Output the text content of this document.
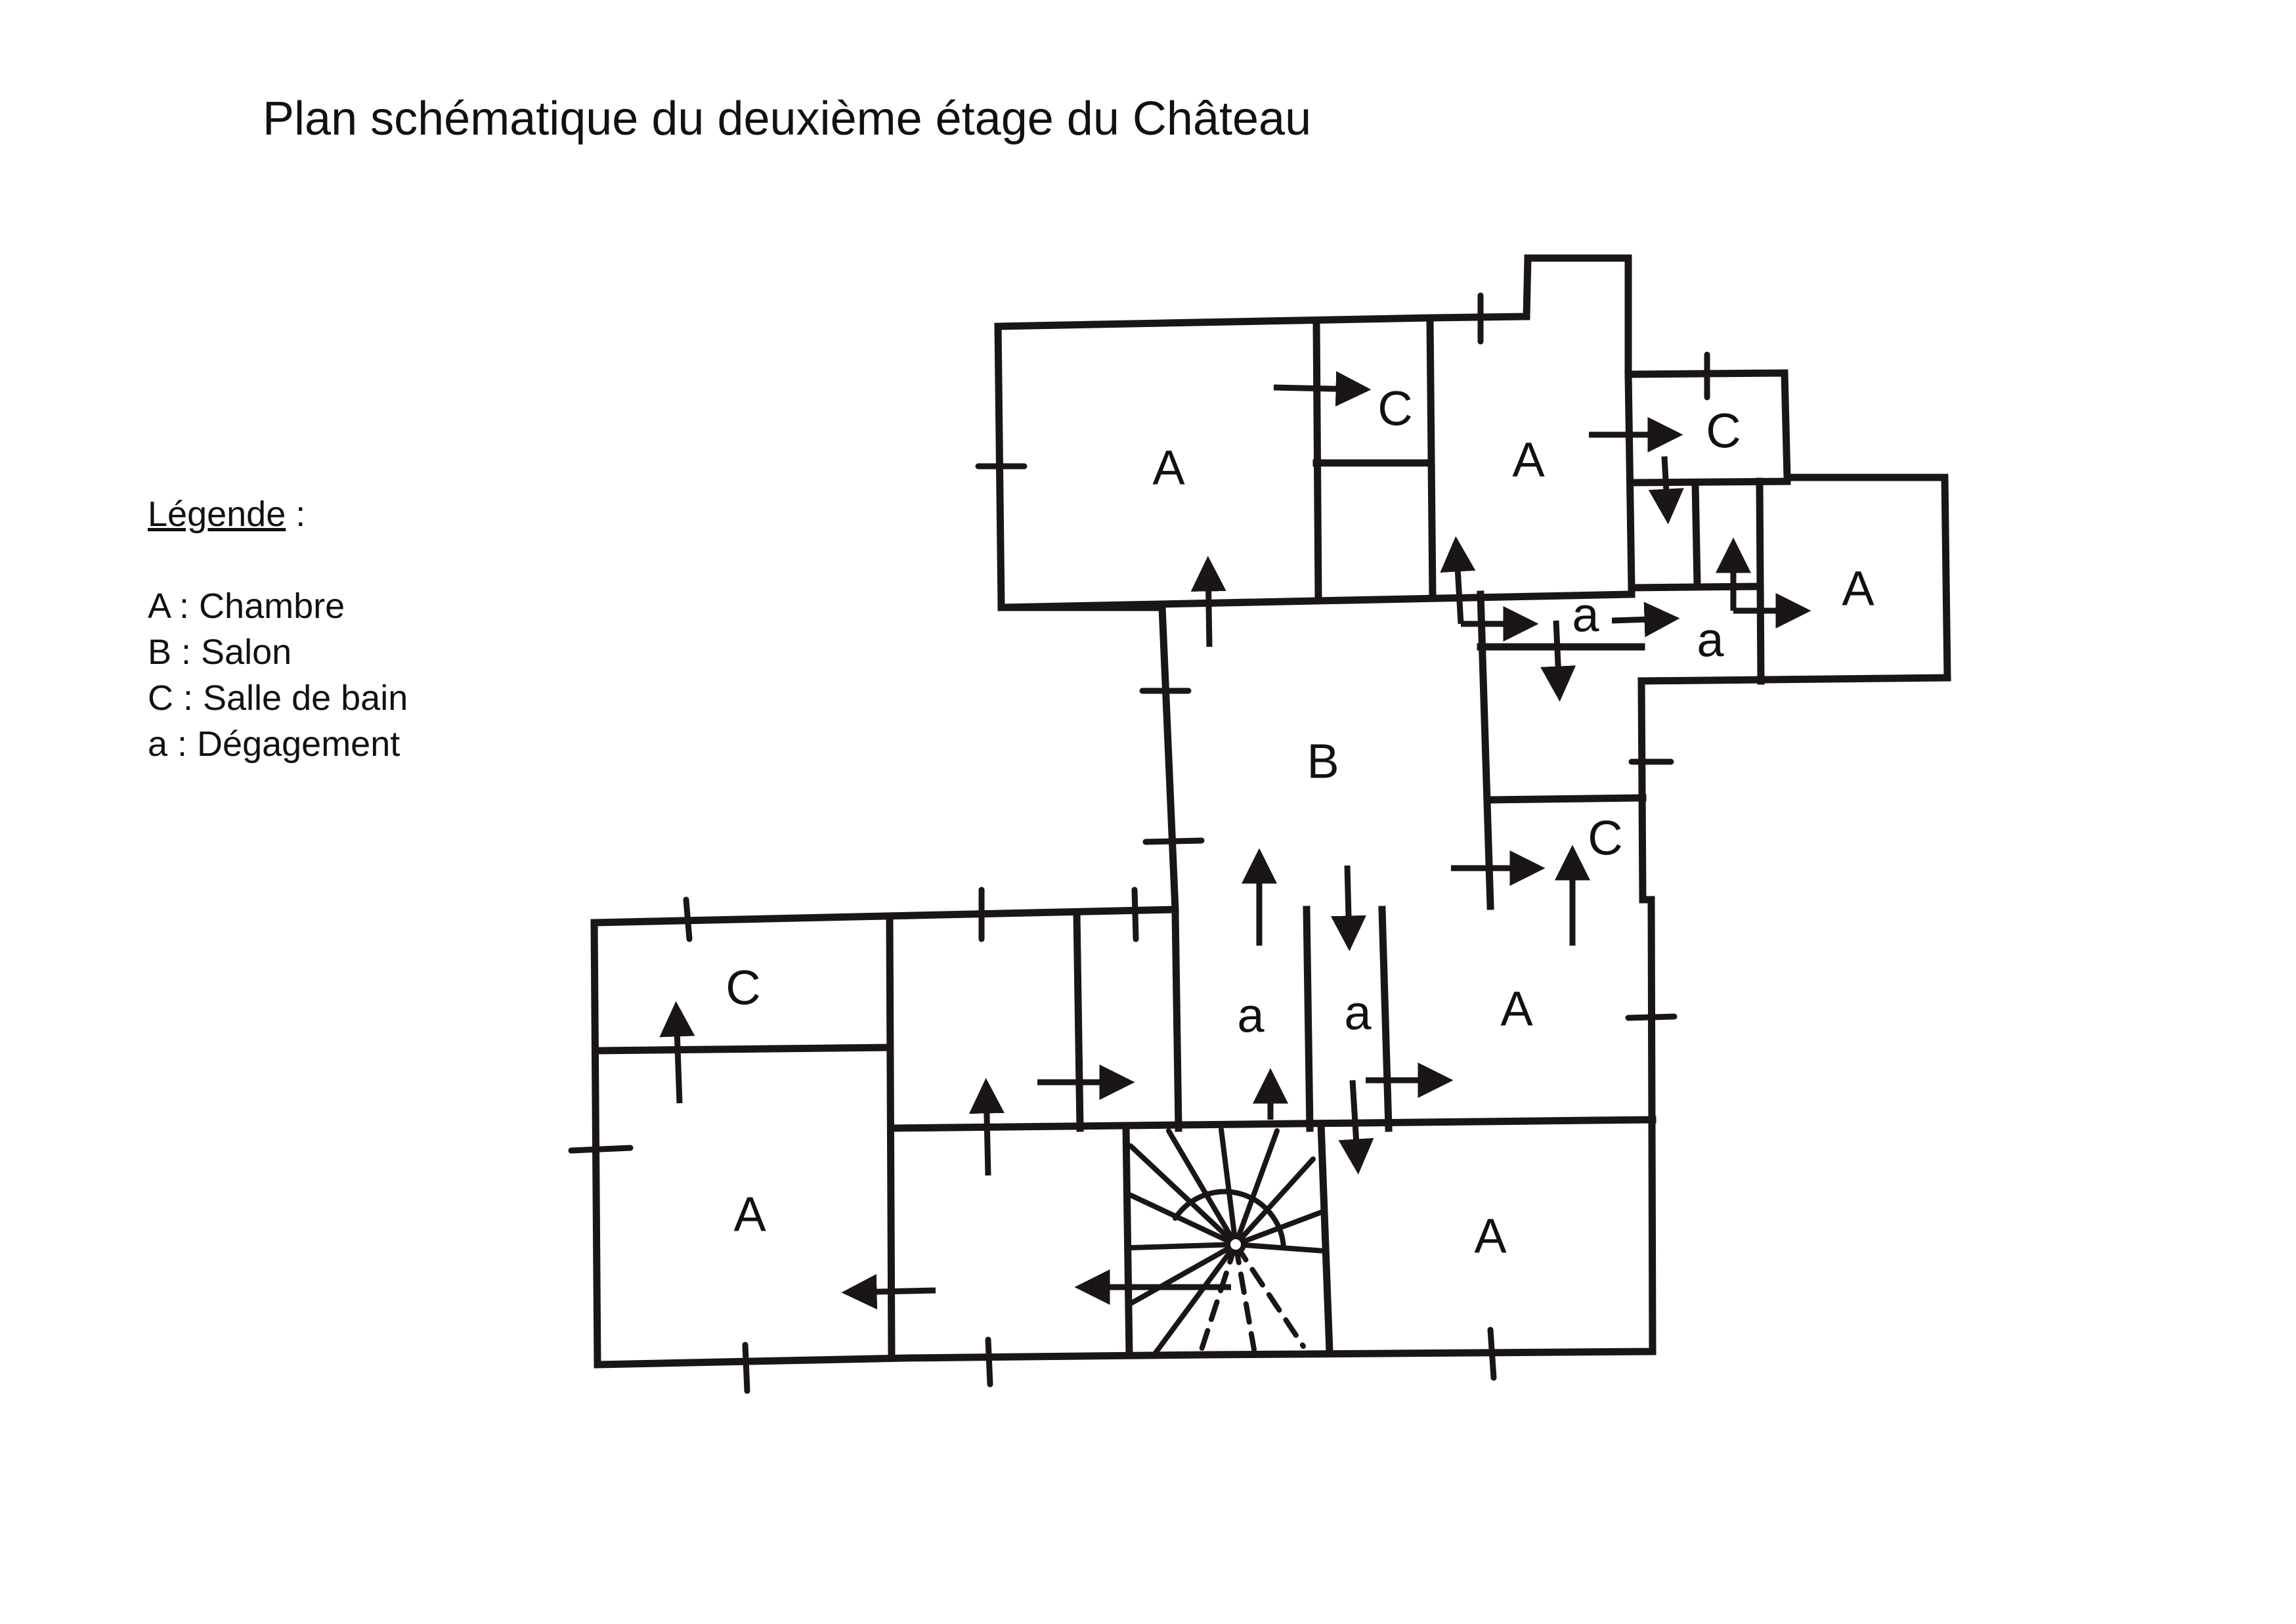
Plan schématique du deuxième étage du Château
Légende :
A : Chambre
B : Salon
C : Salle de bain
a : Dégagement
A
C
A
C
A
a a
B
C
C
a a	A
A	A
